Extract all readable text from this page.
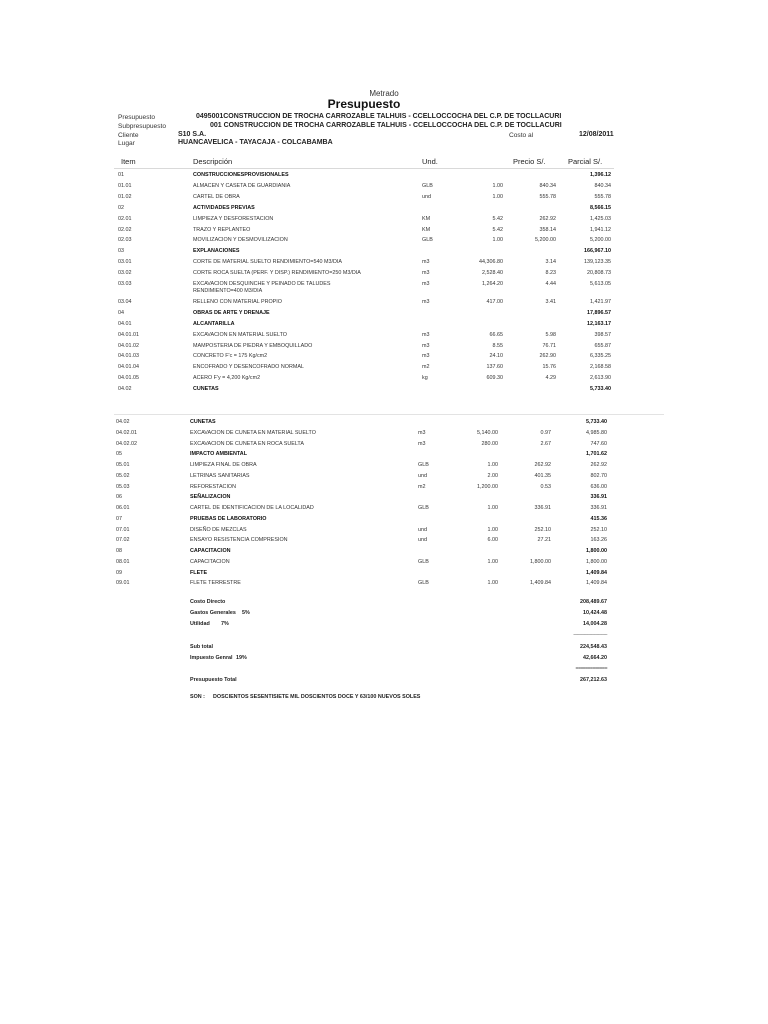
Metrado
Presupuesto
Presupuesto	0495001CONSTRUCCION DE TROCHA CARROZABLE TALHUIS - CCELLOCCOCHA DEL C.P. DE TOCLLACURI
Subpresupuesto	001 CONSTRUCCION DE TROCHA CARROZABLE TALHUIS - CCELLOCCOCHA DEL C.P. DE TOCLLACURI
Cliente	S10 S.A.	Costo al	12/08/2011
Lugar	HUANCAVELICA - TAYACAJA - COLCABAMBA
Item	Descripción	Und.	Precio S/.	Parcial S/.
01	CONSTRUCCIONESPROVISIONALES	1,396.12
01.01	ALMACEN Y CASETA DE GUARDIANIA	GLB	1.00	840.34	840.34
01.02	CARTEL DE OBRA	und	1.00	555.78	555.78
02	ACTIVIDADES PREVIAS	8,566.15
02.01	LIMPIEZA Y DESFORESTACION	KM	5.42	262.92	1,425.03
02.02	TRAZO Y REPLANTEO	KM	5.42	358.14	1,941.12
02.03	MOVILIZACION Y DESMOVILIZACION	GLB	1.00	5,200.00	5,200.00
03	EXPLANACIONES	166,967.10
03.01	CORTE DE MATERIAL SUELTO RENDIMIENTO=540 M3/DIA	m3	44,306.80	3.14	139,123.35
03.02	CORTE ROCA SUELTA (PERF. Y DISP.) RENDIMIENTO=250 M3/DIA	m3	2,528.40	8.23	20,808.73
03.03	EXCAVACION DESQUINCHE Y PEINADO DE TALUDES	m3	1,264.20	4.44	5,613.05
RENDIMIENTO=400 M3/DIA
03.04	RELLENO CON MATERIAL PROPIO	m3	417.00	3.41	1,421.97
04	OBRAS DE ARTE Y DRENAJE	17,896.57
04.01	ALCANTARILLA	12,163.17
04.01.01	EXCAVACION EN MATERIAL SUELTO	m3	66.65	5.98	398.57
04.01.02	MAMPOSTERIA DE PIEDRA Y EMBOQUILLADO	m3	8.55	76.71	655.87
04.01.03	CONCRETO F'c = 175 Kg/cm2	m3	24.10	262.90	6,335.25
04.01.04	ENCOFRADO Y DESENCOFRADO NORMAL	m2	137.60	15.76	2,168.58
04.01.05	ACERO F'y = 4,200 Kg/cm2	kg	609.30	4.29	2,613.90
04.02	CUNETAS	5,733.40
04.02	CUNETAS	5,733.40
04.02.01	EXCAVACION DE CUNETA EN MATERIAL SUELTO	m3	5,140.00	0.97	4,985.80
04.02.02	EXCAVACION DE CUNETA EN ROCA SUELTA	m3	280.00	2.67	747.60
05	IMPACTO AMBIENTAL	1,701.62
05.01	LIMPIEZA FINAL DE OBRA	GLB	1.00	262.92	262.92
05.02	LETRINAS SANITARIAS	und	2.00	401.35	802.70
05.03	REFORESTACION	m2	1,200.00	0.53	636.00
06	SEÑALIZACION	336.91
06.01	CARTEL DE IDENTIFICACION DE LA LOCALIDAD	GLB	1.00	336.91	336.91
07	PRUEBAS DE LABORATORIO	415.36
07.01	DISEÑO DE MEZCLAS	und	1.00	252.10	252.10
07.02	ENSAYO RESISTENCIA COMPRESION	und	6.00	27.21	163.26
08	CAPACITACION	1,800.00
08.01	CAPACITACION	GLB	1.00	1,800.00	1,800.00
09	FLETE	1,409.84
09.01	FLETE TERRESTRE	GLB	1.00	1,409.84	1,409.84
Costo Directo	208,489.67
Gastos Generales 5%	10,424.48
Utilidad 7%	14,004.28
-----------------------------
Sub total	224,548.43
Impuesto Genral 19%	42,664.20
=============
Presupuesto Total	267,212.63
SON : DOSCIENTOS SESENTISIETE MIL DOSCIENTOS DOCE Y 63/100 NUEVOS SOLES
